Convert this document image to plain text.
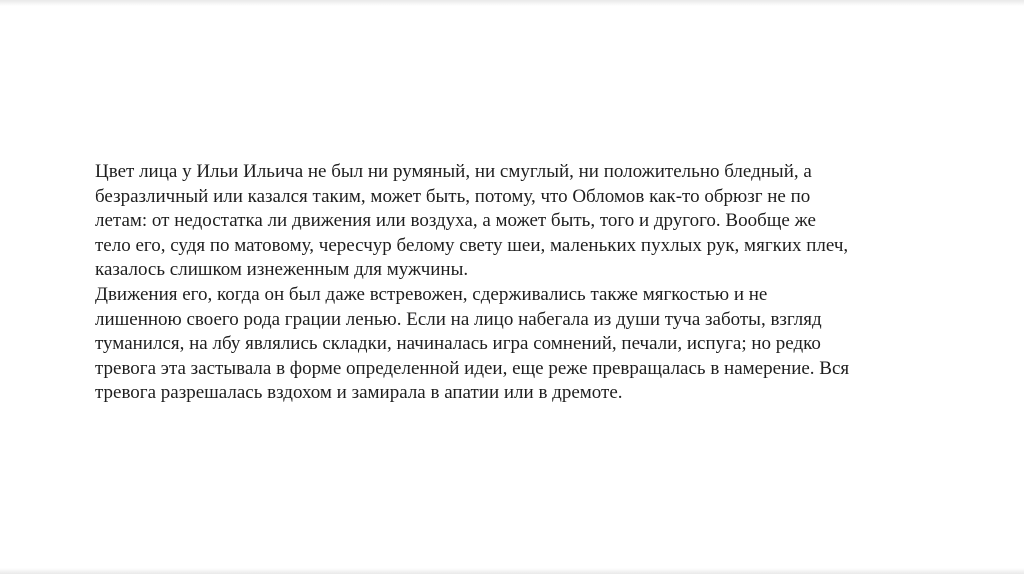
Цвет лица у Ильи Ильича не был ни румяный, ни смуглый, ни положительно бледный, а
безразличный или казался таким, может быть, потому, что Обломов как-то обрюзг не по
летам: от недостатка ли движения или воздуха, а может быть, того и другого. Вообще же
тело его, судя по матовому, чересчур белому свету шеи, маленьких пухлых рук, мягких плеч,
казалось слишком изнеженным для мужчины.
Движения его, когда он был даже встревожен, сдерживались также мягкостью и не
лишенною своего рода грации ленью. Если на лицо набегала из души туча заботы, взгляд
туманился, на лбу являлись складки, начиналась игра сомнений, печали, испуга; но редко
тревога эта застывала в форме определенной идеи, еще реже превращалась в намерение. Вся
тревога разрешалась вздохом и замирала в апатии или в дремоте.
